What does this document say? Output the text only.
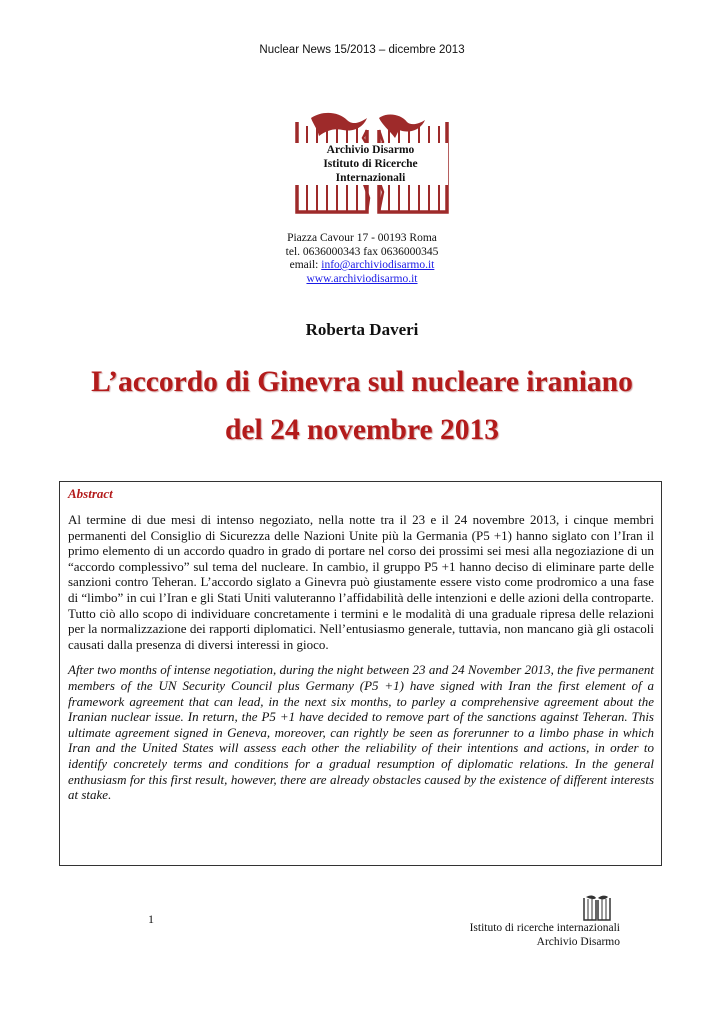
Nuclear News 15/2013 – dicembre 2013
Archivio Disarmo
Istituto di Ricerche Internazionali
Piazza Cavour 17 - 00193 Roma
tel. 0636000343 fax 0636000345
email: info@archiviodisarmo.it
www.archiviodisarmo.it
Roberta Daveri
L’accordo di Ginevra sul nucleare iraniano
del 24 novembre 2013
Abstract

Al termine di due mesi di intenso negoziato, nella notte tra il 23 e il 24 novembre 2013, i cinque membri permanenti del Consiglio di Sicurezza delle Nazioni Unite più la Germania (P5 +1) hanno siglato con l’Iran il primo elemento di un accordo quadro in grado di portare nel corso dei prossimi sei mesi alla negoziazione di un “accordo complessivo” sul tema del nucleare. In cambio, il gruppo P5 +1 hanno deciso di eliminare parte delle sanzioni contro Teheran. L’accordo siglato a Ginevra può giustamente essere visto come prodromico a una fase di “limbo” in cui l’Iran e gli Stati Uniti valuteranno l’affidabilità delle intenzioni e delle azioni della controparte. Tutto ciò allo scopo di individuare concretamente i termini e le modalità di una graduale ripresa delle relazioni per la normalizzazione dei rapporti diplomatici. Nell’entusiasmo generale, tuttavia, non mancano già gli ostacoli causati dalla presenza di diversi interessi in gioco.

After two months of intense negotiation, during the night between 23 and 24 November 2013, the five permanent members of the UN Security Council plus Germany (P5 +1) have signed with Iran the first element of a framework agreement that can lead, in the next six months, to parley a comprehensive agreement about the Iranian nuclear issue. In return, the P5 +1 have decided to remove part of the sanctions against Teheran. This ultimate agreement signed in Geneva, moreover, can rightly be seen as forerunner to a limbo phase in which Iran and the United States will assess each other the reliability of their intentions and actions, in order to identify concretely terms and conditions for a gradual resumption of diplomatic relations. In the general enthusiasm for this first result, however, there are already obstacles caused by the existence of different interests at stake.

1
Istituto di ricerche internazionali
Archivio Disarmo
